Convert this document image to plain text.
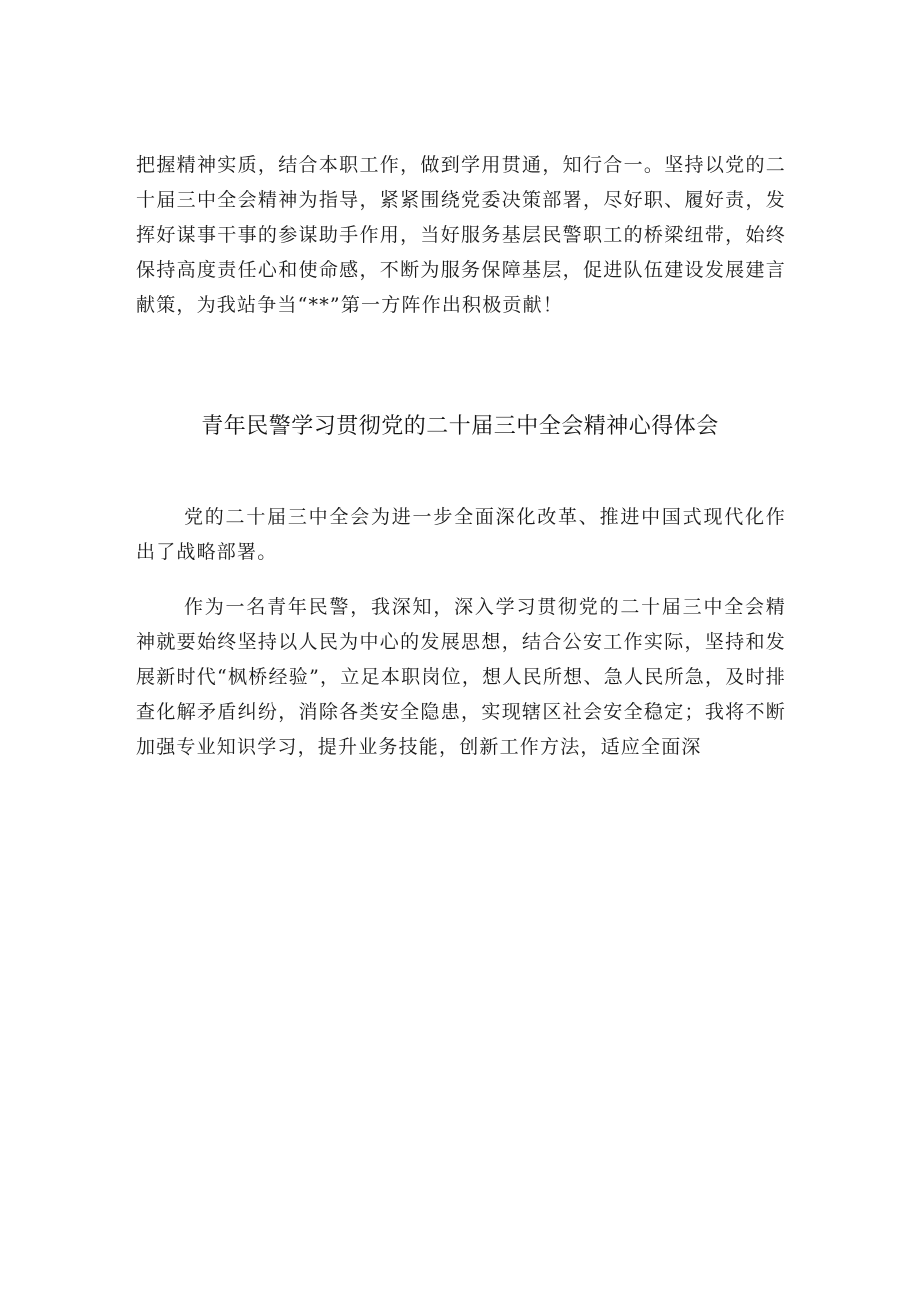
把握精神实质，结合本职工作，做到学用贯通，知行合一。坚持以党的二十届三中全会精神为指导，紧紧围绕党委决策部署，尽好职、履好责，发挥好谋事干事的参谋助手作用，当好服务基层民警职工的桥梁纽带，始终保持高度责任心和使命感，不断为服务保障基层，促进队伍建设发展建言献策，为我站争当“**”第一方阵作出积极贡献！

青年民警学习贯彻党的二十届三中全会精神心得体会

党的二十届三中全会为进一步全面深化改革、推进中国式现代化作出了战略部署。

作为一名青年民警，我深知，深入学习贯彻党的二十届三中全会精神就要始终坚持以人民为中心的发展思想，结合公安工作实际，坚持和发展新时代“枫桥经验”，立足本职岗位，想人民所想、急人民所急，及时排查化解矛盾纠纷，消除各类安全隐患，实现辖区社会安全稳定；我将不断加强专业知识学习，提升业务技能，创新工作方法，适应全面深
